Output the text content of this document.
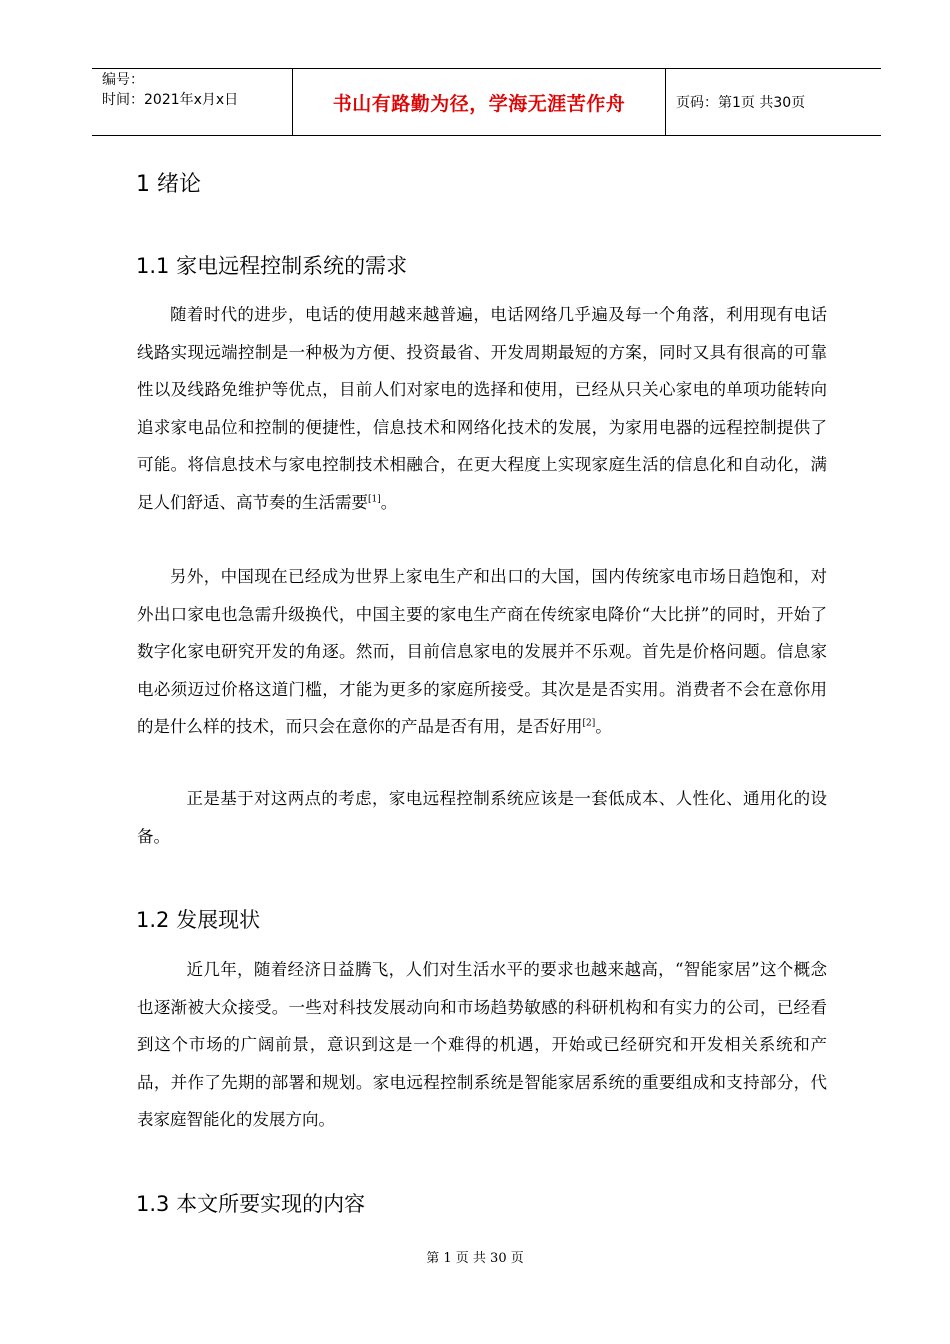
编号：
时间：2021年x月x日	书山有路勤为径，学海无涯苦作舟	页码：第1页 共30页
1 绪论
1.1 家电远程控制系统的需求

随着时代的进步，电话的使用越来越普遍，电话网络几乎遍及每一个角落，利用现有电话线路实现远端控制是一种极为方便、投资最省、开发周期最短的方案，同时又具有很高的可靠性以及线路免维护等优点，目前人们对家电的选择和使用，已经从只关心家电的单项功能转向追求家电品位和控制的便捷性，信息技术和网络化技术的发展，为家用电器的远程控制提供了可能。将信息技术与家电控制技术相融合，在更大程度上实现家庭生活的信息化和自动化，满足人们舒适、高节奏的生活需要[1]。

另外，中国现在已经成为世界上家电生产和出口的大国，国内传统家电市场日趋饱和，对外出口家电也急需升级换代，中国主要的家电生产商在传统家电降价“大比拼”的同时，开始了数字化家电研究开发的角逐。然而，目前信息家电的发展并不乐观。首先是价格问题。信息家电必须迈过价格这道门槛，才能为更多的家庭所接受。其次是是否实用。消费者不会在意你用的是什么样的技术，而只会在意你的产品是否有用，是否好用[2]。

正是基于对这两点的考虑，家电远程控制系统应该是一套低成本、人性化、通用化的设备。

1.2 发展现状

近几年，随着经济日益腾飞，人们对生活水平的要求也越来越高，“智能家居”这个概念也逐渐被大众接受。一些对科技发展动向和市场趋势敏感的科研机构和有实力的公司，已经看到这个市场的广阔前景，意识到这是一个难得的机遇，开始或已经研究和开发相关系统和产品，并作了先期的部署和规划。家电远程控制系统是智能家居系统的重要组成和支持部分，代表家庭智能化的发展方向。

1.3 本文所要实现的内容
第 1 页 共 30 页
